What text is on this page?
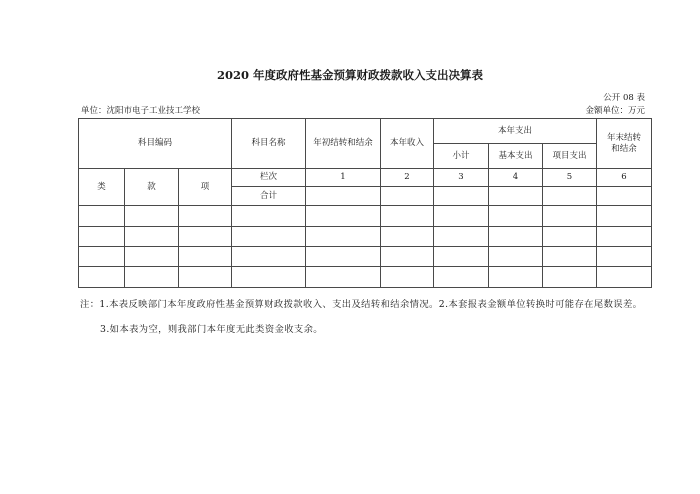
2020 年度政府性基金预算财政拨款收入支出决算表
公开 08 表
单位：沈阳市电子工业技工学校	金额单位：万元
科目编码			科目名称	年初结转和结余	本年收入	本年支出			年末结转
和结余
						小计	基本支出	项目支出	
类	款	项	栏次	1	2	3	4	5	6
			合计						

注：1.本表反映部门本年度政府性基金预算财政拨款收入、支出及结转和结余情况。2.本套报表金额单位转换时可能存在尾数误差。
3.如本表为空，则我部门本年度无此类资金收支余。
